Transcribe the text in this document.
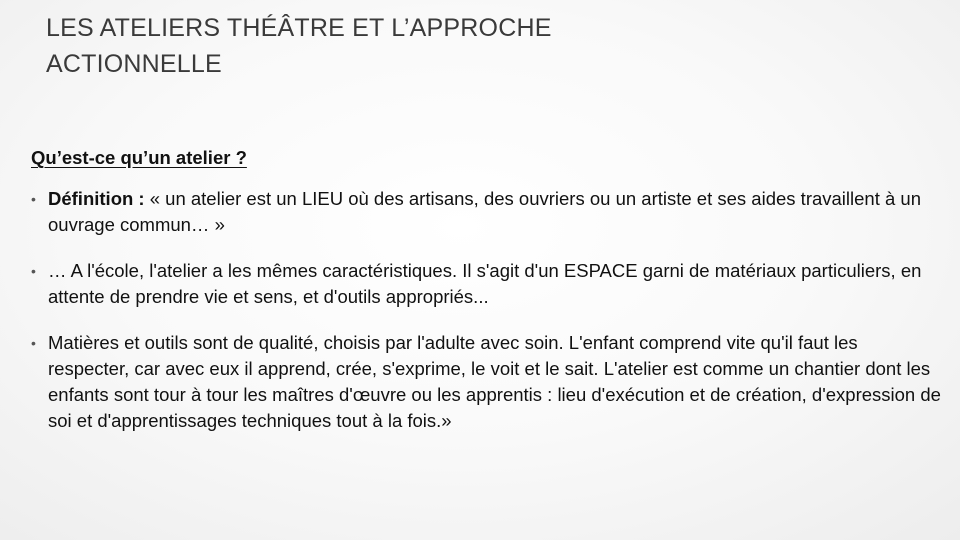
LES ATELIERS THÉÂTRE ET L’APPROCHE
ACTIONNELLE

Qu’est-ce qu’un atelier ?

• Définition : « un atelier est un LIEU où des artisans, des ouvriers ou un artiste et ses aides travaillent à un ouvrage commun… »
• … A l'école, l'atelier a les mêmes caractéristiques. Il s'agit d'un ESPACE garni de matériaux particuliers, en attente de prendre vie et sens, et d'outils appropriés...
• Matières et outils sont de qualité, choisis par l'adulte avec soin. L'enfant comprend vite qu'il faut les respecter, car avec eux il apprend, crée, s'exprime, le voit et le sait. L'atelier est comme un chantier dont les enfants sont tour à tour les maîtres d'œuvre ou les apprentis : lieu d'exécution et de création, d'expression de soi et d'apprentissages techniques tout à la fois.»
